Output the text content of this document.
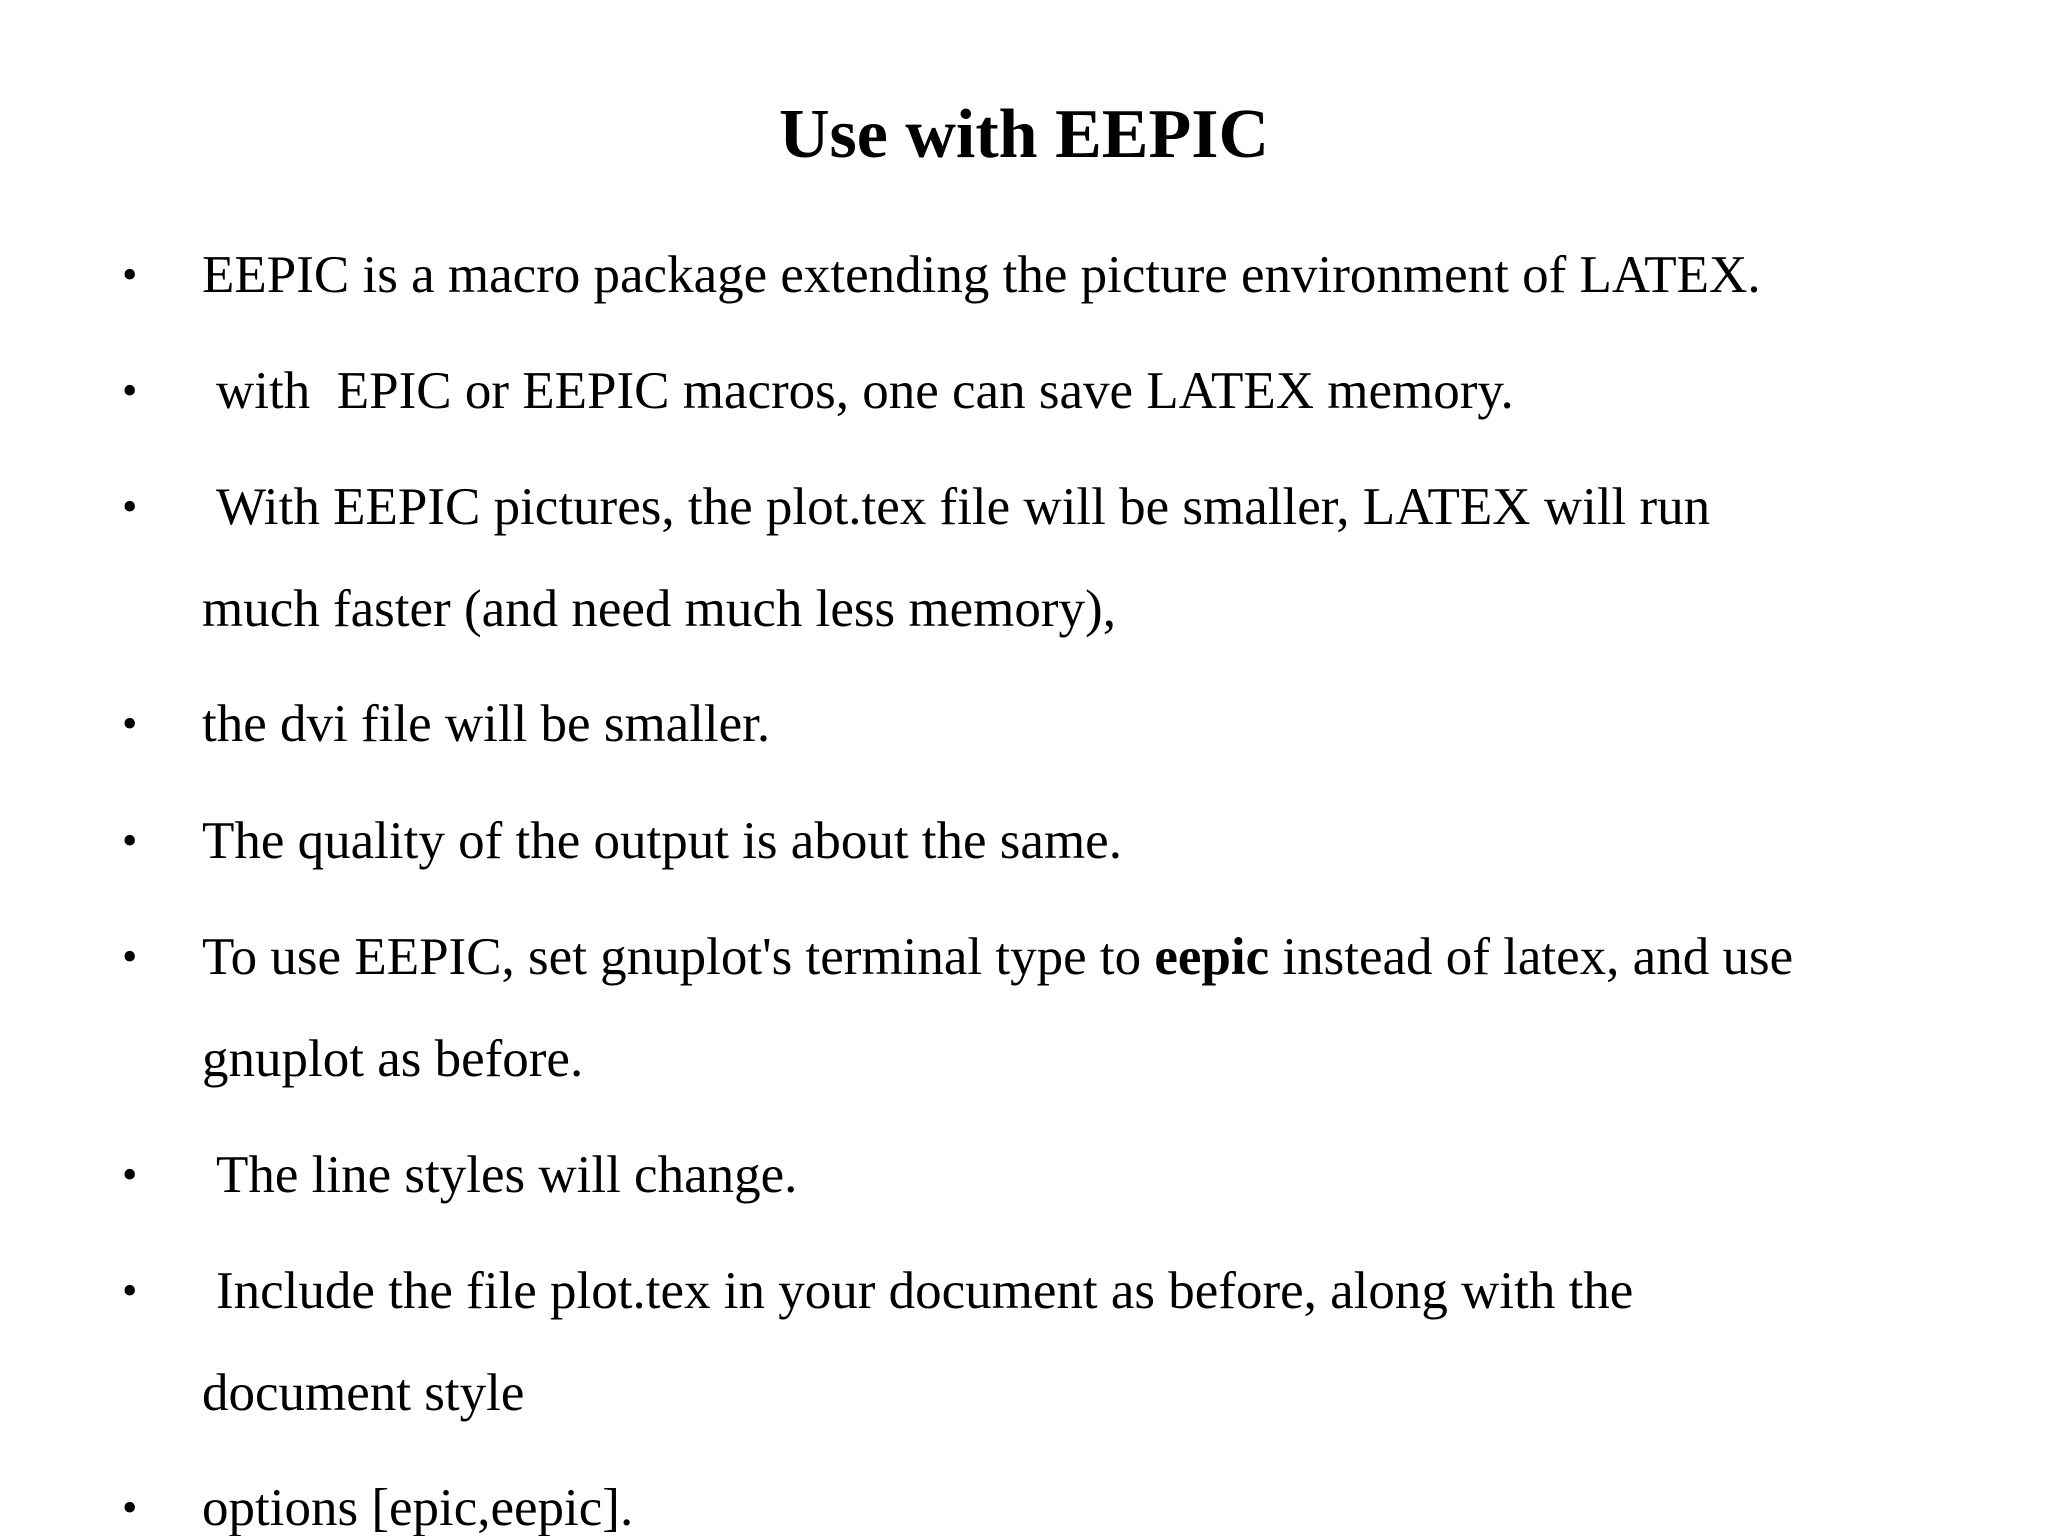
Use with EEPIC
• EEPIC is a macro package extending the picture environment of LATEX.
• with  EPIC or EEPIC macros, one can save LATEX memory.
• With EEPIC pictures, the plot.tex file will be smaller, LATEX will run
much faster (and need much less memory),
• the dvi file will be smaller.
• The quality of the output is about the same.
• To use EEPIC, set gnuplot's terminal type to eepic instead of latex, and use
gnuplot as before.
• The line styles will change.
• Include the file plot.tex in your document as before, along with the
document style
• options [epic,eepic].
